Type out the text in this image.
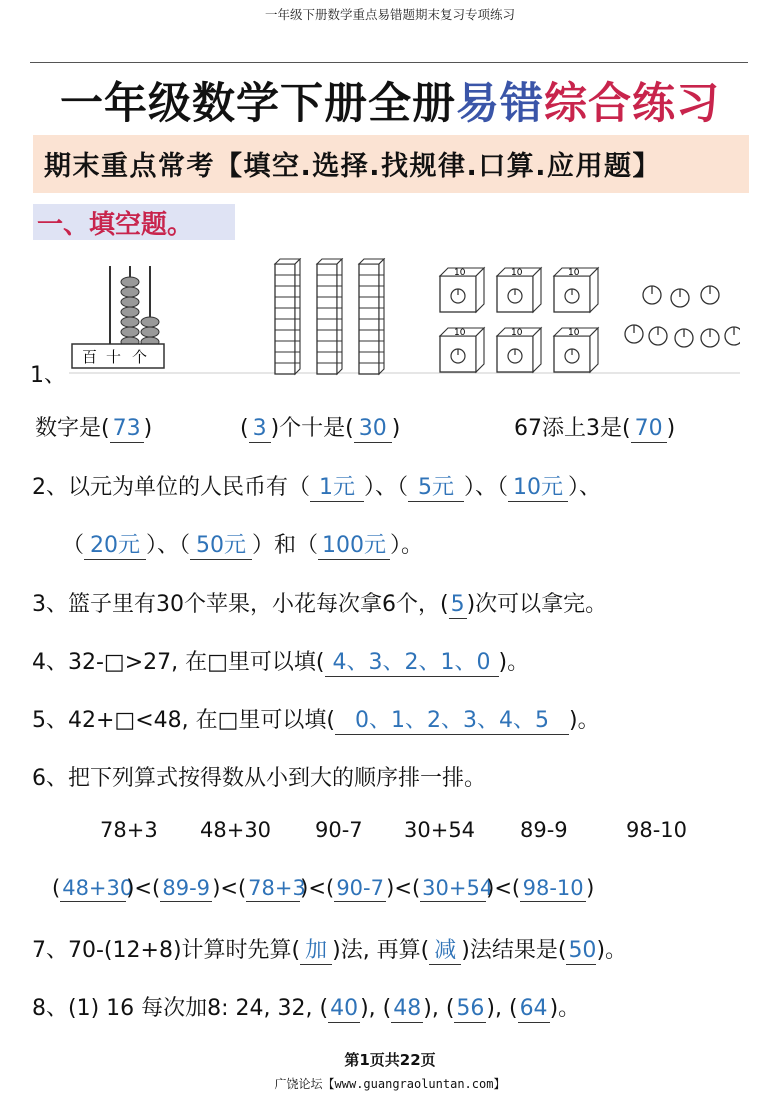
一年级下册数学重点易错题期末复习专项练习
一年级数学下册全册易错综合练习
期末重点常考【填空.选择.找规律.口算.应用题】
一、填空题。
百 十 个
10	10	10
10	10	10
1、
数字是( 73 )	( 3 )个十是( 30 )	67添上3是( 70 )
2、以元为单位的人民币有（ 1元 ）、（ 5元 ）、（ 10元 ）、
（ 20元 ）、（ 50元 ）和（ 100元 ）。
3、篮子里有30个苹果，小花每次拿6个，(5)次可以拿完。
4、32-□>27, 在□里可以填( 4、3、2、1、0 )。
5、42+□<48, 在□里可以填( 0、1、2、3、4、5 )。
6、把下列算式按得数从小到大的顺序排一排。
78+3 48+30 90-7 30+54 89-9	98-10
(48+30)<( 89-9 )<(78+3)<( 90-7 )<(30+54)<( 98-10 )
7、70-(12+8)计算时先算( 加 )法, 再算( 减 )法结果是(50)。
8、(1) 16 每次加8: 24, 32, (40), (48), (56), (64)。
第1页共22页
广饶论坛【www.guangraoluntan.com】
